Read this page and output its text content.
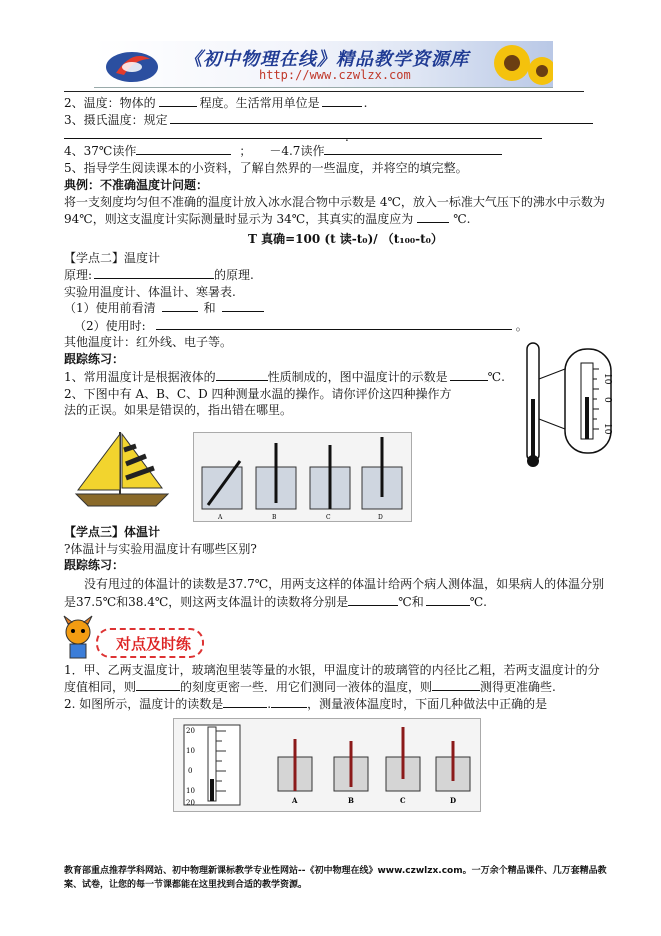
《初中物理在线》精品教学资源库
http://www.czwlzx.com
2、温度：物体的	程度。生活常用单位是	.
3、摄氏温度：规定
.
4、37℃读作	； －4.7读作
5、指导学生阅读课本的小资料，了解自然界的一些温度，并将空的填完整。
典例：不准确温度计问题：
将一支刻度均匀但不准确的温度计放入冰水混合物中示数是 4℃，放入一标准大气压下的沸水中示数为
94℃，则这支温度计实际测量时显示为 34℃，其真实的温度应为	℃.
T 真确=100 (t 读-t₀)/ （t₁₀₀-t₀）
【学点二】温度计
原理:	的原理.
实验用温度计、体温计、寒暑表.
（1）使用前看清	和
（2）使用时:	。
其他温度计：红外线、电子等。
跟踪练习：
1、常用温度计是根据液体的	性质制成的，图中温度计的示数是	℃.
2、下图中有 A、B、C、D 四种测量水温的操作。请你评价这四种操作方
法的正误。如果是错误的，指出错在哪里。
10
0
10
A	B	C	D
【学点三】体温计
?体温计与实验用温度计有哪些区别?
跟踪练习：
没有甩过的体温计的读数是37.7℃，用两支这样的体温计给两个病人测体温，如果病人的体温分别
是37.5℃和38.4℃，则这两支体温计的读数将分别是	℃和	℃.
对点及时练
1．甲、乙两支温度计，玻璃泡里装等量的水银，甲温度计的玻璃管的内径比乙粗，若两支温度计的分
度值相同，则	的刻度更密一些．用它们测同一液体的温度，则	测得更准确些.
2. 如图所示，温度计的读数是	.	，测量液体温度时，下面几种做法中正确的是
20
10
0
10
20	A	B	C	D
教育部重点推荐学科网站、初中物理新课标教学专业性网站--《初中物理在线》www.czwlzx.com。一万余个精品课件、几万套精品教案、试卷，让您的每一节课都能在这里找到合适的教学资源。
